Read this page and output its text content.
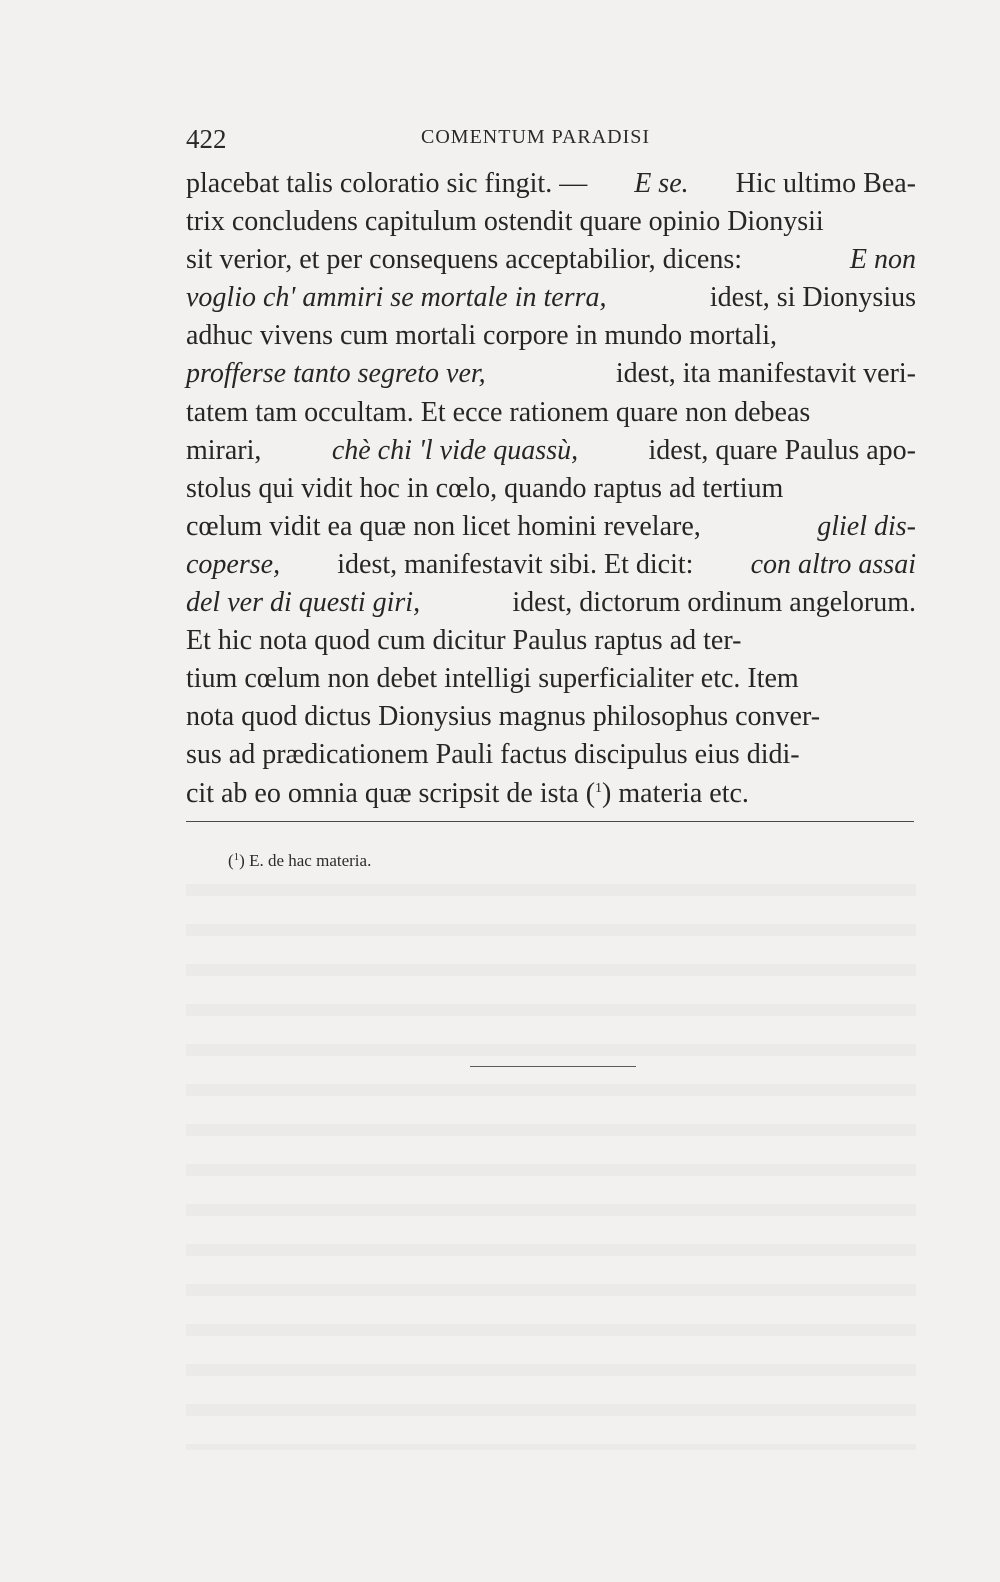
422	COMENTUM PARADISI
placebat talis coloratio sic fingit. — E se. Hic ultimo Bea-
trix concludens capitulum ostendit quare opinio Dionysii
sit verior, et per consequens acceptabilior, dicens:	E non
voglio ch' ammiri se mortale in terra,	idest, si Dionysius
adhuc vivens cum mortali corpore in mundo mortali,
profferse tanto segreto ver,	idest, ita manifestavit veri-
tatem tam occultam. Et ecce rationem quare non debeas
mirari,	chè chi 'l vide quassù,	idest, quare Paulus apo-
stolus qui vidit hoc in cœlo, quando raptus ad tertium
cœlum vidit ea quæ non licet homini revelare,	gliel dis-
coperse, idest, manifestavit sibi. Et dicit: con altro assai
del ver di questi giri,	idest, dictorum ordinum angelorum.
Et hic nota quod cum dicitur Paulus raptus ad ter-
tium cœlum non debet intelligi superficialiter etc. Item
nota quod dictus Dionysius magnus philosophus conver-
sus ad prædicationem Pauli factus discipulus eius didi-
cit ab eo omnia quæ scripsit de ista ($^1$) materia etc.
($^1$) E. de hac materia.
